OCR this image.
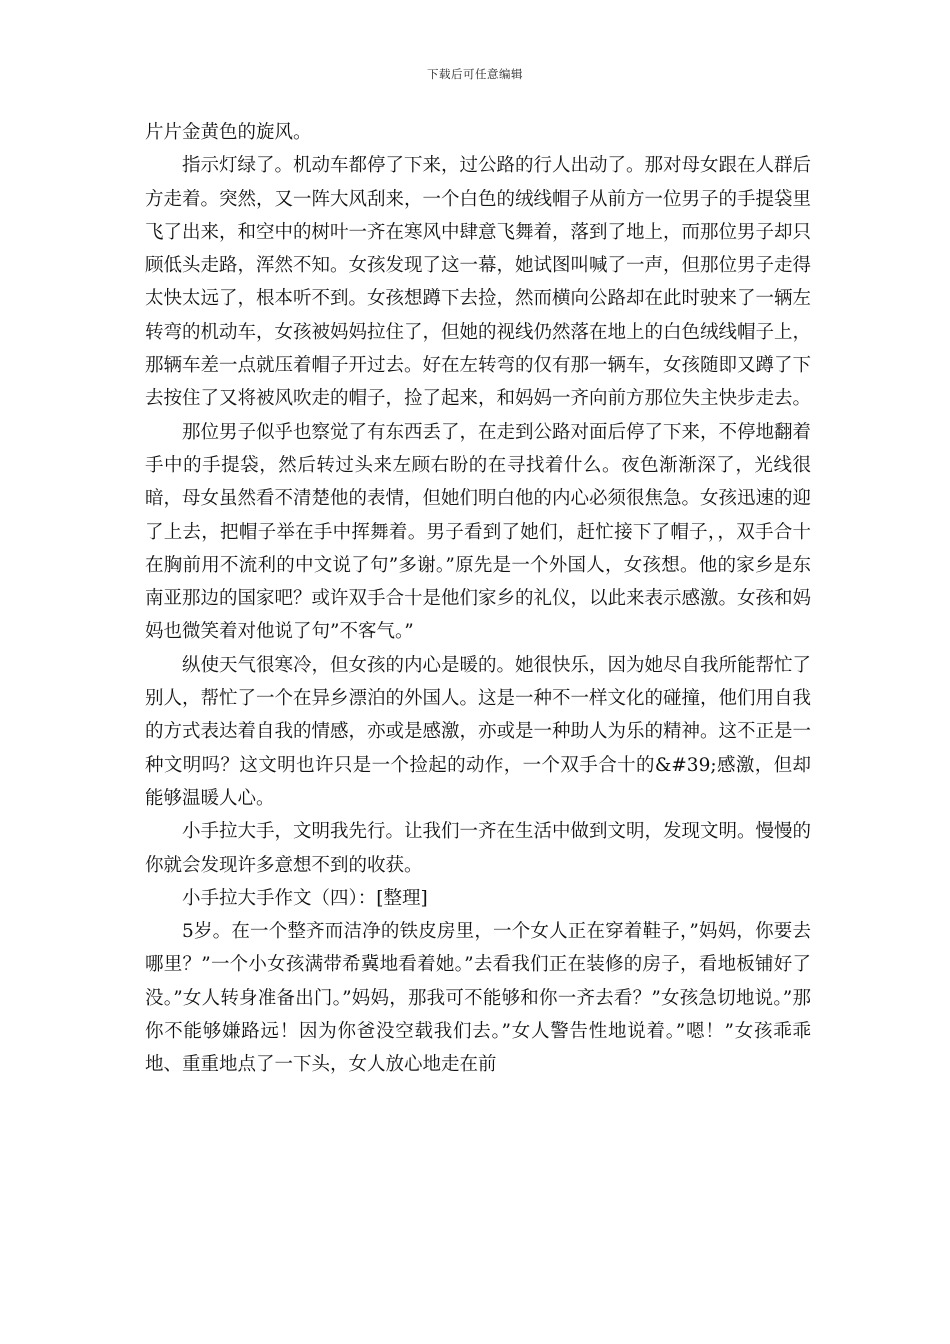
下载后可任意编辑

片片金黄色的旋风。

指示灯绿了。机动车都停了下来，过公路的行人出动了。那对母女跟在人群后方走着。突然，又一阵大风刮来，一个白色的绒线帽子从前方一位男子的手提袋里飞了出来，和空中的树叶一齐在寒风中肆意飞舞着，落到了地上，而那位男子却只顾低头走路，浑然不知。女孩发现了这一幕，她试图叫喊了一声，但那位男子走得太快太远了，根本听不到。女孩想蹲下去捡，然而横向公路却在此时驶来了一辆左转弯的机动车，女孩被妈妈拉住了，但她的视线仍然落在地上的白色绒线帽子上，那辆车差一点就压着帽子开过去。好在左转弯的仅有那一辆车，女孩随即又蹲了下去按住了又将被风吹走的帽子，捡了起来，和妈妈一齐向前方那位失主快步走去。

那位男子似乎也察觉了有东西丢了，在走到公路对面后停了下来，不停地翻着手中的手提袋，然后转过头来左顾右盼的在寻找着什么。夜色渐渐深了，光线很暗，母女虽然看不清楚他的表情，但她们明白他的内心必须很焦急。女孩迅速的迎了上去，把帽子举在手中挥舞着。男子看到了她们，赶忙接下了帽子，，双手合十在胸前用不流利的中文说了句”多谢。”原先是一个外国人，女孩想。他的家乡是东南亚那边的国家吧？或许双手合十是他们家乡的礼仪，以此来表示感激。女孩和妈妈也微笑着对他说了句”不客气。”

纵使天气很寒冷，但女孩的内心是暖的。她很快乐，因为她尽自我所能帮忙了别人，帮忙了一个在异乡漂泊的外国人。这是一种不一样文化的碰撞，他们用自我的方式表达着自我的情感，亦或是感激，亦或是一种助人为乐的精神。这不正是一种文明吗？这文明也许只是一个捡起的动作，一个双手合十的&#39;感激，但却能够温暖人心。

小手拉大手，文明我先行。让我们一齐在生活中做到文明，发现文明。慢慢的你就会发现许多意想不到的收获。

小手拉大手作文（四）：[整理]

5岁。在一个整齐而洁净的铁皮房里，一个女人正在穿着鞋子，”妈妈，你要去哪里？”一个小女孩满带希冀地看着她。”去看我们正在装修的房子，看地板铺好了没。”女人转身准备出门。”妈妈，那我可不能够和你一齐去看？”女孩急切地说。”那你不能够嫌路远！因为你爸没空载我们去。”女人警告性地说着。”嗯！”女孩乖乖地、重重地点了一下头，女人放心地走在前
